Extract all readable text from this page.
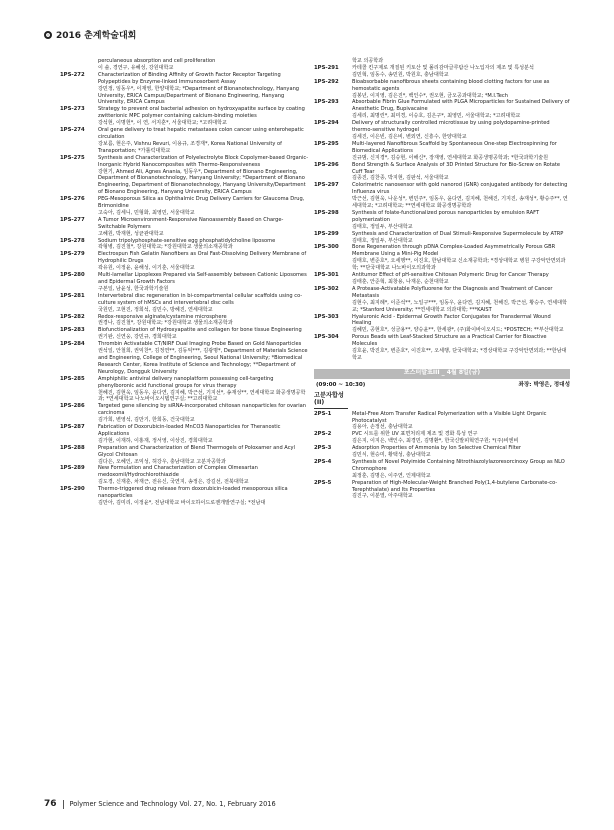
2016 춘계학술대회
perculaneous absorption and cell proliferation
이 솔, 경연구, 유혜성, 강원대학교
1PS-272	Characterization of Binding Affinity of Growth Factor Receptor Targeting Polypeptides by Enzyme-linked Immunosorbent Assay
강민정, 임동우*, 이재영, 한양대학교; *Department of Bionanotechnology, Hanyang University, ERICA Campus/Department of Bionano Engineering, Hanyang University, ERICA Campus
1PS-273	Strategy to prevent oral bacterial adhesion on hydroxyapatite surface by coating zwitterionic MPC polymer containing calcium-binding moieties
강석현, 이명헌*, 이 연, 서지훈*, 서울대학교; *고려대학교
1PS-274	Oral gene delivery to treat hepatic metastases colon cancer using enterohepatic circulation
강보름, 현은주, Vishnu Revuri, 이용규, 조경재*, Korea National University of Transportation; *가톨릭대학교
1PS-275	Synthesis and Characterization of Polyelectrolyte Block Copolymer-based Organic-Inorganic Hybrid Nanocomposites with Thermo-Responsiveness
강현기, Ahmed Ali, Agnes Anania, 임동우*, Department of Bionano Engineering, Department of Bionanotechnology, Hanyang University; *Department of Bionano Engineering, Department of Bionanotechnology, Hanyang University/Department of Bionano Engineering, Hanyang University, ERICA Campus
1PS-276	PEG-Mesoporous Silica as Ophthalmic Drug Delivery Carriers for Glaucoma Drug, Brimonidine
고숙아, 김세니, 민형화, 최영민, 서울대학교
1PS-277	A Tumor Microenvironment-Responsive Nanoassembly Based on Charge-Switchable Polymers
고혜원, 박재현, 성균관대학교
1PS-278	Sodium tripolyphosphate-sensitive egg phosphatidylcholine liposome
곽형병, 김진철*, 강원대학교; *강원대학교 생물의소재공학과
1PS-279	Electrospun Fish Gelatin Nanofibers as Oral Fast-Dissolving Delivery Membrane of Hydrophilic Drugs
곽유원, 이정윤, 윤해성, 이기훈, 서울대학교
1PS-280	Multi-lamellar Lipoplexes Prepared via Self-assembly between Cationic Liposomes and Epidermal Growth Factors
구본일, 남윤성, 한국과학기술원
1PS-281	Intervertebral disc regeneration in bi-compartmental cellular scaffolds using co-culture system of hMSCs and intervertebral disc cells
국원민, 고현진, 정희석, 김민수, 방혜진, 연세대학교
1PS-282	Redox-responsive alginate/cystamine microsphere
권경나, 김진철*, 강원대학교; *강원대학교 생물의소재공학과
1PS-283	Biofunctionalization of Hydroxyapatite and collagen for bone tissue Engineering
권기완, 신연웅, 강민규, 경희대학교
1PS-284	Thrombin Activatable CT/NIRF Dual Imaging Probe Based on Gold Nanoparticles
권석일, 안철희, 권익찬*, 김정연**, 김동익***, 김광명*, Department of Materials Science and Engineering, College of Engineering, Seoul National University; *Biomedical Research Center, Korea Institute of Science and Technology; **Department of Neurology, Dongguk University
1PS-285	Amphiphilic antiviral delivery nanoplatform possessing cell-targeting phenylboronic acid functional groups for virus therapy
천혜진, 김현욱, 임동우, 윤다연, 김지혜, 박근선, 기지선*, 송재성**, 연세대학교 화공생명공학과; *연세대학교 나노바이오시템연구실; **고려대학교
1PS-286	Targeted gene silencing by siRNA-incorporated chitosan nanoparticles for ovarian carcinoma
김가희, 변영석, 김만기, 한희동, 건국대학교
1PS-287	Fabrication of Doxorubicin-loaded MnCO3 Nanoparticles for Theranostic Applications
김가현, 이재하, 이홍재, 정서영, 이상진, 경희대학교
1PS-288	Preparation and Characterization of Blend Thermogels of Poloxamer and Acyl Glycol Chitosan
김다은, 오혜인, 조익성, 허강우, 충남대학교 고분자공학과
1PS-289	New Formulation and Characterization of Complex Olmesartan medoxomil/Hydrochlorothiazide
김도경, 신재훈, 차재근, 전유신, 국연지, 송정은, 강길선, 전북대학교
1PS-290	Thermo-triggered drug release from doxorubicin-loaded mesoporous silica nanoparticles
김만아, 김미리, 이정윤*, 전남대학교 바이오하이드로젠개발연구실; *전남대
학교 의공학과
1PS-291	카테콜 킨구제로 개질된 키토산 및 폴리감마글루탐산 나노입자의 제조 및 특성분석
김민혁, 임동수, 송민원, 박원호, 충남대학교
1PS-292	Bioabsorbable nanofibrous sheets containing blood clotting factors for use as hemostatic agents
김봉년, 이지영, 김은진*, 백인수*, 권오현, 금오공과대학교; *M.I.Tech
1PS-293	Absorbable Fibrin Glue Formulated with PLGA Microparticles for Sustained Delivery of Anesthetic Drug, Bupivacaine
김세리, 최명린*, 최미경, 이승호, 김은구*, 최영민, 서울대학교; *고려대학교
1PS-294	Delivery of structurally controlled microtissue by using polydopamine-printed thermo-sensitive hydrogel
김세진, 이은빈, 김은비, 변외연, 신흥수, 한양대학교
1PS-295	Multi-layered Nanofibrous Scaffold by Spontaneous One-step Electrospinning for Biomedical Applications
진규범, 신지경*, 김승현, 이해신*, 장재영, 연세대학교 화공생명공학과; *한국과학기술원
1PS-296	Bond Strength & Surface Analysis of 3D Printed Structure for Bio-Screw on Rotate Cuff Tear
김종진, 김찬종, 박지현, 김판석, 서울대학교
1PS-297	Colorimetric nanosensor with gold nanorod (GNR) conjugated antibody for detecting Influenza virus
박근선, 김현욱, 나운성*, 변민주*, 임동우, 윤다연, 김지혜, 천해진, 기지진, 송재성*, 황승주**, 연세대학교; *고려대학교; **연세대학교 화공생명공학과
1PS-298	Synthesis of folate-functionalized porous nanoparticles by emulsion RAFT polymerization
김태호, 정일두, 부산대학교
1PS-299	Synthesis and Characterization of Dual Stimuli-Responsive Supermolecule by ATRP
김태호, 정일두, 부산대학교
1PS-300	Bone Regeneration through pDNA Complex-Loaded Asymmetrically Porous GBR Membrane Using a Mini-Pig Model
김태호, 변준호*, 오세행**, 이진호, 한남대학교 신소재공학과; *경상대학교 병원 구강악안면외과학; **단국대학교 나노바이오의과학과
1PS-301	Antitumor Effect of pH-sensitive Chitosan Polymeric Drug for Cancer Therapy
김태훈, 안준혁, 최창용, 나재운, 순천대학교
1PS-302	A Protease-Activatable Polyfluorene for the Diagnosis and Treatment of Cancer Metastasis
김현수, 최지례*, 이준석**, 노일구***, 임동우, 윤다연, 김지혜, 천해진, 박근선, 황승주, 연세대학교; *Stanford University; **연세대학교 의과대학; ***KAIST
1PS-303	Hyaluronic Acid - Epidermal Growth Factor Conjugates for Transdermal Wound Healing
김혜민, 공현호*, 성금용**, 양승윤**, 한세광*, (주)화이바이오셔드; *POSTECH; **부산대학교
1PS-304	Porous Beads with Leaf-Stacked Structure as a Practical Carrier for Bioactive Molecules
김호윤, 박진호*, 변준호*, 이진호**, 오세행, 단국대학교; *경상대학교 구강악안면외과; **한남대학교
포스터발표III _ 4월 8일(금)
(09:00 ~ 10:30)	좌장: 박영은, 정대성
고분자합성(II)
2PS-1	Metal-Free Atom Transfer Radical Polymerization with a Visible Light Organic Photocatalyst
김용아, 손정선, 충남대학교
2PS-2	PVC 시트를 위한 UV 표면처리제 제조 및 경화 특성 연구
김은지, 이지은, 백인수, 최경민, 김명환*, 한국신발피혁연구원; *(주)비엔비
2PS-3	Adsorption Properties of Ammonia by Ion Selective Chemical Filter
김민식, 현승미, 황택성, 충남대학교
2PS-4	Synthesis of Novel Polyimide Containing Nitrothiazolylazoresorcinoxy Group as NLO Chromophore
최정훈, 김명은, 이주연, 인제대학교
2PS-5	Preparation of High-Molecular-Weight Branched Poly(1,4-butylene Carbonate-co-Terephthalate) and Its Properties
김진구, 이분열, 아주대학교
76 Polymer Science and Technology Vol. 27, No. 1, February 2016
